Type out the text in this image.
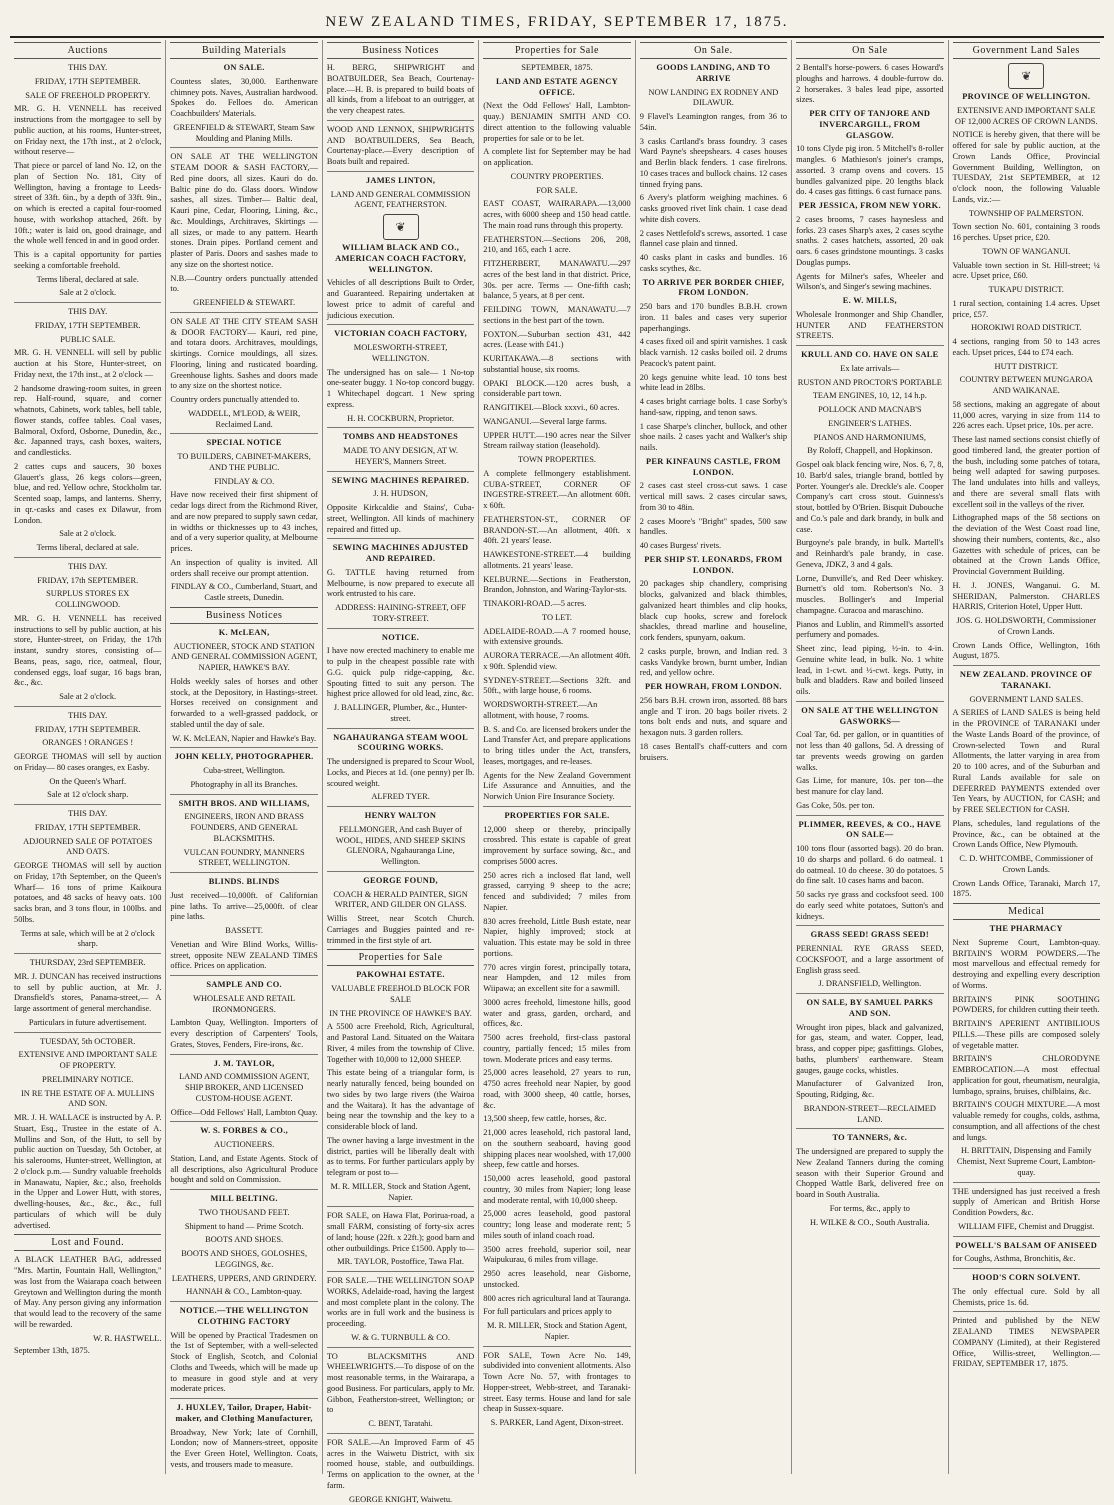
NEW ZEALAND TIMES, FRIDAY, SEPTEMBER 17, 1875.
Auctions

THIS DAY.

FRIDAY, 17TH SEPTEMBER.

SALE OF FREEHOLD PROPERTY.

MR. G. H. VENNELL has received instructions from the mortgagee to sell by public auction, at his rooms, Hunter-street, on Friday next, the 17th inst., at 2 o'clock, without reserve—

That piece or parcel of land No. 12, on the plan of Section No. 181, City of Wellington, having a frontage to Leeds-street of 33ft. 6in., by a depth of 33ft. 9in., on which is erected a capital four-roomed house, with workshop attached, 26ft. by 10ft.; water is laid on, good drainage, and the whole well fenced in and in good order.

This is a capital opportunity for parties seeking a comfortable freehold.

Terms liberal, declared at sale.

Sale at 2 o'clock.

THIS DAY.

FRIDAY, 17TH SEPTEMBER.

PUBLIC SALE.

MR. G. H. VENNELL will sell by public auction at his Store, Hunter-street, on Friday next, the 17th inst., at 2 o'clock —

2 handsome drawing-room suites, in green rep. Half-round, square, and corner whatnots, Cabinets, work tables, bell table, flower stands, coffee tables. Coal vases, Balmoral, Oxford, Osborne, Dunedin, &c., &c. Japanned trays, cash boxes, waiters, and candlesticks.

2 cattes cups and saucers, 30 boxes Glauert's glass, 26 kegs colors—green, blue, and red. Yellow ochre, Stockholm tar. Scented soap, lamps, and lanterns. Sherry, in qr.-casks and cases ex Dilawur, from London.

Sale at 2 o'clock.

Terms liberal, declared at sale.

THIS DAY.

FRIDAY, 17th SEPTEMBER.

SURPLUS STORES EX COLLINGWOOD.

MR. G. H. VENNELL has received instructions to sell by public auction, at his store, Hunter-street, on Friday, the 17th instant, sundry stores, consisting of— Beans, peas, sago, rice, oatmeal, flour, condensed eggs, loaf sugar, 16 bags bran, &c., &c.

Sale at 2 o'clock.

THIS DAY.

FRIDAY, 17TH SEPTEMBER.

ORANGES ! ORANGES !

GEORGE THOMAS will sell by auction on Friday— 80 cases oranges, ex Easby.

On the Queen's Wharf.

Sale at 12 o'clock sharp.

THIS DAY.

FRIDAY, 17TH SEPTEMBER.

ADJOURNED SALE OF POTATOES AND OATS.

GEORGE THOMAS will sell by auction on Friday, 17th September, on the Queen's Wharf— 16 tons of prime Kaikoura potatoes, and 48 sacks of heavy oats. 100 sacks bran, and 3 tons flour, in 100lbs. and 50lbs.

Terms at sale, which will be at 2 o'clock sharp.

THURSDAY, 23rd SEPTEMBER.

MR. J. DUNCAN has received instructions to sell by public auction, at Mr. J. Dransfield's stores, Panama-street,— A large assortment of general merchandise.

Particulars in future advertisement.

TUESDAY, 5th OCTOBER.

EXTENSIVE AND IMPORTANT SALE OF PROPERTY.

PRELIMINARY NOTICE.

IN RE THE ESTATE OF A. MULLINS AND SON.

MR. J. H. WALLACE is instructed by A. P. Stuart, Esq., Trustee in the estate of A. Mullins and Son, of the Hutt, to sell by public auction on Tuesday, 5th October, at his salerooms, Hunter-street, Wellington, at 2 o'clock p.m.— Sundry valuable freeholds in Manawatu, Napier, &c.; also, freeholds in the Upper and Lower Hutt, with stores, dwelling-houses, &c., &c., &c., full particulars of which will be duly advertised.

Lost and Found.

A BLACK LEATHER BAG, addressed "Mrs. Martin, Fountain Hall, Wellington," was lost from the Waiarapa coach between Greytown and Wellington during the month of May. Any person giving any information that would lead to the recovery of the same will be rewarded.

W. R. HASTWELL.

September 13th, 1875.

Building Materials

ON SALE.

Countess slates, 30,000. Earthenware chimney pots. Naves, Australian hardwood. Spokes do. Felloes do. American Coachbuilders' Materials.

GREENFIELD & STEWART, Steam Saw Moulding and Planing Mills.

ON SALE AT THE WELLINGTON STEAM DOOR & SASH FACTORY,— Red pine doors, all sizes. Kauri do do. Baltic pine do do. Glass doors. Window sashes, all sizes. Timber— Baltic deal, Kauri pine, Cedar, Flooring, Lining, &c., &c. Mouldings, Architraves, Skirtings — all sizes, or made to any pattern. Hearth stones. Drain pipes. Portland cement and plaster of Paris. Doors and sashes made to any size on the shortest notice.

N.B.—Country orders punctually attended to.

GREENFIELD & STEWART.

ON SALE AT THE CITY STEAM SASH & DOOR FACTORY— Kauri, red pine, and totara doors. Architraves, mouldings, skirtings. Cornice mouldings, all sizes. Flooring, lining and rusticated boarding. Greenhouse lights. Sashes and doors made to any size on the shortest notice.

Country orders punctually attended to.

WADDELL, M'LEOD, & WEIR, Reclaimed Land.

SPECIAL NOTICE

TO BUILDERS, CABINET-MAKERS, AND THE PUBLIC.

FINDLAY & CO.

Have now received their first shipment of cedar logs direct from the Richmond River, and are now prepared to supply sawn cedar, in widths or thicknesses up to 43 inches, and of a very superior quality, at Melbourne prices.

An inspection of quality is invited. All orders shall receive our prompt attention.

FINDLAY & CO., Cumberland, Stuart, and Castle streets, Dunedin.

Business Notices

K. McLEAN,

AUCTIONEER, STOCK AND STATION AND GENERAL COMMISSION AGENT, NAPIER, HAWKE'S BAY.

Holds weekly sales of horses and other stock, at the Depository, in Hastings-street. Horses received on consignment and forwarded to a well-grassed paddock, or stabled until the day of sale.

W. K. McLEAN, Napier and Hawke's Bay.

JOHN KELLY, PHOTOGRAPHER.

Cuba-street, Wellington.

Photography in all its Branches.

SMITH BROS. AND WILLIAMS,

ENGINEERS, IRON AND BRASS FOUNDERS, AND GENERAL BLACKSMITHS.

VULCAN FOUNDRY, MANNERS STREET, WELLINGTON.

BLINDS. BLINDS

Just received—10,000ft. of Californian pine laths. To arrive—25,000ft. of clear pine laths.

BASSETT.

Venetian and Wire Blind Works, Willis-street, opposite NEW ZEALAND TIMES office. Prices on application.

SAMPLE AND CO.

WHOLESALE AND RETAIL IRONMONGERS.

Lambton Quay, Wellington. Importers of every description of Carpenters' Tools, Grates, Stoves, Fenders, Fire-irons, &c.

J. M. TAYLOR,

LAND AND COMMISSION AGENT, SHIP BROKER, AND LICENSED CUSTOM-HOUSE AGENT.

Office—Odd Fellows' Hall, Lambton Quay.

W. S. FORBES & CO.,

AUCTIONEERS.

Station, Land, and Estate Agents. Stock of all descriptions, also Agricultural Produce bought and sold on Commission.

MILL BELTING.

TWO THOUSAND FEET.

Shipment to hand — Prime Scotch.

BOOTS AND SHOES.

BOOTS AND SHOES, GOLOSHES, LEGGINGS, &c.

LEATHERS, UPPERS, AND GRINDERY.

HANNAH & CO., Lambton-quay.

NOTICE.—THE WELLINGTON CLOTHING FACTORY

Will be opened by Practical Tradesmen on the 1st of September, with a well-selected Stock of English, Scotch, and Colonial Cloths and Tweeds, which will be made up to measure in good style and at very moderate prices.

J. HUXLEY, Tailor, Draper, Habit-maker, and Clothing Manufacturer,

Broadway, New York; late of Cornhill, London; now of Manners-street, opposite the Ever Green Hotel, Wellington. Coats, vests, and trousers made to measure.

Business Notices

H. BERG, SHIPWRIGHT and BOATBUILDER, Sea Beach, Courtenay-place.—H. B. is prepared to build boats of all kinds, from a lifeboat to an outrigger, at the very cheapest rates.

WOOD AND LENNOX, SHIPWRIGHTS AND BOATBUILDERS, Sea Beach, Courtenay-place.—Every description of Boats built and repaired.

JAMES LINTON,

LAND AND GENERAL COMMISSION AGENT, FEATHERSTON.

❦

WILLIAM BLACK AND CO., AMERICAN COACH FACTORY, WELLINGTON.

Vehicles of all descriptions Built to Order, and Guaranteed. Repairing undertaken at lowest price to admit of careful and judicious execution.

VICTORIAN COACH FACTORY,

MOLESWORTH-STREET, WELLINGTON.

The undersigned has on sale— 1 No-top one-seater buggy. 1 No-top concord buggy. 1 Whitechapel dogcart. 1 New spring express.

H. H. COCKBURN, Proprietor.

TOMBS AND HEADSTONES

MADE TO ANY DESIGN, AT W. HEYER'S, Manners Street.

SEWING MACHINES REPAIRED.

J. H. HUDSON,

Opposite Kirkcaldie and Stains', Cuba-street, Wellington. All kinds of machinery repaired and fitted up.

SEWING MACHINES ADJUSTED AND REPAIRED.

G. TATTLE having returned from Melbourne, is now prepared to execute all work entrusted to his care.

ADDRESS: HAINING-STREET, OFF TORY-STREET.

NOTICE.

I have now erected machinery to enable me to pulp in the cheapest possible rate with G.G. quick pulp ridge-capping, &c. Spouting fitted to suit any person. The highest price allowed for old lead, zinc, &c.

J. BALLINGER, Plumber, &c., Hunter-street.

NGAHAURANGA STEAM WOOL SCOURING WORKS.

The undersigned is prepared to Scour Wool, Locks, and Pieces at 1d. (one penny) per lb. scoured weight.

ALFRED TYER.

HENRY WALTON

FELLMONGER, And cash Buyer of WOOL, HIDES, AND SHEEP SKINS GLENORA, Ngahauranga Line, Wellington.

GEORGE FOUND,

COACH & HERALD PAINTER, SIGN WRITER, AND GILDER ON GLASS.

Willis Street, near Scotch Church. Carriages and Buggies painted and re-trimmed in the first style of art.

Properties for Sale

PAKOWHAI ESTATE.

VALUABLE FREEHOLD BLOCK FOR SALE

IN THE PROVINCE OF HAWKE'S BAY.

A 5500 acre Freehold, Rich, Agricultural, and Pastoral Land. Situated on the Waitara River, 4 miles from the township of Clive. Together with 10,000 to 12,000 SHEEP.

This estate being of a triangular form, is nearly naturally fenced, being bounded on two sides by two large rivers (the Wairoa and the Waitara). It has the advantage of being near the township and the key to a considerable block of land.

The owner having a large investment in the district, parties will be liberally dealt with as to terms. For further particulars apply by telegram or post to—

M. R. MILLER, Stock and Station Agent, Napier.

FOR SALE, on Hawa Flat, Porirua-road, a small FARM, consisting of forty-six acres of land; house (22ft. x 22ft.); good barn and other outbuildings. Price £1500. Apply to—

MR. TAYLOR, Postoffice, Tawa Flat.

FOR SALE.—THE WELLINGTON SOAP WORKS, Adelaide-road, having the largest and most complete plant in the colony. The works are in full work and the business is proceeding.

W. & G. TURNBULL & CO.

TO BLACKSMITHS AND WHEELWRIGHTS.—To dispose of on the most reasonable terms, in the Wairarapa, a good Business. For particulars, apply to Mr. Gibbon, Featherston-street, Wellington; or to

C. BENT, Taratahi.

FOR SALE.—An Improved Farm of 45 acres in the Waiwetu District, with six roomed house, stable, and outbuildings. Terms on application to the owner, at the farm.

GEORGE KNIGHT, Waiwetu.

Properties for Sale

SEPTEMBER, 1875.

LAND AND ESTATE AGENCY OFFICE.

(Next the Odd Fellows' Hall, Lambton-quay.) BENJAMIN SMITH AND CO. direct attention to the following valuable properties for sale or to be let.

A complete list for September may be had on application.

COUNTRY PROPERTIES.

FOR SALE.

EAST COAST, WAIRARAPA.—13,000 acres, with 6000 sheep and 150 head cattle. The main road runs through this property.

FEATHERSTON.—Sections 206, 208, 210, and 165, each 1 acre.

FITZHERBERT, MANAWATU.—297 acres of the best land in that district. Price, 30s. per acre. Terms — One-fifth cash; balance, 5 years, at 8 per cent.

FEILDING TOWN, MANAWATU.—7 sections in the best part of the town.

FOXTON.—Suburban section 431, 442 acres. (Lease with £41.)

KURITAKAWA.—8 sections with substantial house, six rooms.

OPAKI BLOCK.—120 acres bush, a considerable part town.

RANGITIKEI.—Block xxxvi., 60 acres.

WANGANUI.—Several large farms.

UPPER HUTT.—190 acres near the Silver Stream railway station (leasehold).

TOWN PROPERTIES.

A complete fellmongery establishment. CUBA-STREET, CORNER OF INGESTRE-STREET.—An allotment 60ft. x 60ft.

FEATHERSTON-ST., CORNER OF BRANDON-ST.—An allotment, 40ft. x 40ft. 21 years' lease.

HAWKESTONE-STREET.—4 building allotments. 21 years' lease.

KELBURNE.—Sections in Featherston, Brandon, Johnston, and Waring-Taylor-sts.

TINAKORI-ROAD.—5 acres.

TO LET.

ADELAIDE-ROAD.—A 7 roomed house, with extensive grounds.

AURORA TERRACE.—An allotment 40ft. x 90ft. Splendid view.

SYDNEY-STREET.—Sections 32ft. and 50ft., with large house, 6 rooms.

WORDSWORTH-STREET.—An allotment, with house, 7 rooms.

B. S. and Co. are licensed brokers under the Land Transfer Act, and prepare applications to bring titles under the Act, transfers, leases, mortgages, and re-leases.

Agents for the New Zealand Government Life Assurance and Annuities, and the Norwich Union Fire Insurance Society.

PROPERTIES FOR SALE.

12,000 sheep or thereby, principally crossbred. This estate is capable of great improvement by surface sowing, &c., and comprises 5000 acres.

250 acres rich a inclosed flat land, well grassed, carrying 9 sheep to the acre; fenced and subdivided; 7 miles from Napier.

830 acres freehold, Little Bush estate, near Napier, highly improved; stock at valuation. This estate may be sold in three portions.

770 acres virgin forest, principally totara, near Hampden, and 12 miles from Wiipawa; an excellent site for a sawmill.

3000 acres freehold, limestone hills, good water and grass, garden, orchard, and offices, &c.

7500 acres freehold, first-class pastoral country, partially fenced; 15 miles from town. Moderate prices and easy terms.

25,000 acres leasehold, 27 years to run, 4750 acres freehold near Napier, by good road, with 3000 sheep, 40 cattle, horses, &c.

13,500 sheep, few cattle, horses, &c.

21,000 acres leasehold, rich pastoral land, on the southern seaboard, having good shipping places near woolshed, with 17,000 sheep, few cattle and horses.

150,000 acres leasehold, good pastoral country, 30 miles from Napier; long lease and moderate rental, with 10,000 sheep.

25,000 acres leasehold, good pastoral country; long lease and moderate rent; 5 miles south of inland coach road.

3500 acres freehold, superior soil, near Waipukurau, 6 miles from village.

2950 acres leasehold, near Gisborne, unstocked.

800 acres rich agricultural land at Tauranga.

For full particulars and prices apply to

M. R. MILLER, Stock and Station Agent, Napier.

FOR SALE, Town Acre No. 149, subdivided into convenient allotments. Also Town Acre No. 57, with frontages to Hopper-street, Webb-street, and Taranaki-street. Easy terms. House and land for sale cheap in Sussex-square.

S. PARKER, Land Agent, Dixon-street.

On Sale.

GOODS LANDING, AND TO ARRIVE

NOW LANDING EX RODNEY AND DILAWUR.

9 Flavel's Leamington ranges, from 36 to 54in.

3 casks Cartland's brass foundry. 3 cases Ward Payne's sheepshears. 4 cases houses and Berlin black fenders. 1 case firelrons. 10 cases traces and bullock chains. 12 cases tinned frying pans.

6 Avery's platform weighing machines. 6 casks grooved rivet link chain. 1 case dead white dish covers.

2 cases Nettlefold's screws, assorted. 1 case flannel case plain and tinned.

40 casks plant in casks and bundles. 16 casks scythes, &c.

TO ARRIVE PER BORDER CHIEF, FROM LONDON.

250 bars and 170 bundles B.B.H. crown iron. 11 bales and cases very superior paperhangings.

4 cases fixed oil and spirit varnishes. 1 cask black varnish. 12 casks boiled oil. 2 drums Peacock's patent paint.

20 kegs genuine white lead. 10 tons best white lead in 28lbs.

4 cases bright carriage bolts. 1 case Sorby's hand-saw, ripping, and tenon saws.

1 case Sharpe's clincher, bullock, and other shoe nails. 2 cases yacht and Walker's ship nails.

PER KINFAUNS CASTLE, FROM LONDON.

2 cases cast steel cross-cut saws. 1 case vertical mill saws. 2 cases circular saws, from 30 to 48in.

2 cases Moore's "Bright" spades, 500 saw handles.

40 cases Burgess' rivets.

PER SHIP ST. LEONARDS, FROM LONDON.

20 packages ship chandlery, comprising blocks, galvanized and black thimbles, galvanized heart thimbles and clip hooks, black cup hooks, screw and forelock shackles, thread marline and houseline, cork fenders, spunyarn, oakum.

2 casks purple, brown, and Indian red. 3 casks Vandyke brown, burnt umber, Indian red, and yellow ochre.

PER HOWRAH, FROM LONDON.

256 bars B.H. crown iron, assorted. 88 bars angle and T iron. 20 bags boiler rivets. 2 tons bolt ends and nuts, and square and hexagon nuts. 3 garden rollers.

18 cases Bentall's chaff-cutters and corn bruisers.

On Sale

2 Bentall's horse-powers. 6 cases Howard's ploughs and harrows. 4 double-furrow do. 2 horserakes. 3 bales lead pipe, assorted sizes.

PER CITY OF TANJORE AND INVERCARGILL, FROM GLASGOW.

10 tons Clyde pig iron. 5 Mitchell's 8-roller mangles. 6 Mathieson's joiner's cramps, assorted. 3 cramp ovens and covers. 15 bundles galvanized pipe. 20 lengths black do. 4 cases gas fittings. 6 cast furnace pans.

PER JESSICA, FROM NEW YORK.

2 cases brooms, 7 cases haynesless and forks. 23 cases Sharp's axes, 2 cases scythe snaths. 2 cases hatchets, assorted, 20 oak oars. 6 cases grindstone mountings. 3 casks Douglas pumps.

Agents for Milner's safes, Wheeler and Wilson's, and Singer's sewing machines.

E. W. MILLS,

Wholesale Ironmonger and Ship Chandler, HUNTER AND FEATHERSTON STREETS.

KRULL AND CO. HAVE ON SALE

Ex late arrivals—

RUSTON AND PROCTOR'S PORTABLE

TEAM ENGINES, 10, 12, 14 h.p.

POLLOCK AND MACNAB'S

ENGINEER'S LATHES.

PIANOS AND HARMONIUMS,

By Roloff, Chappell, and Hopkinson.

Gospel oak black fencing wire, Nos. 6, 7, 8, 10. Barb'd sales, triangle brand, bottled by Porter. Younger's ale. Dreckle's ale. Cooper Company's cart cross stout. Guinness's stout, bottled by O'Brien. Bisquit Dubouche and Co.'s pale and dark brandy, in bulk and case.

Burgoyne's pale brandy, in bulk. Martell's and Reinhardt's pale brandy, in case. Geneva, JDKZ, 3 and 4 gals.

Lorne, Dunville's, and Red Deer whiskey. Burnett's old tom. Robertson's No. 3 muscles. Bollinger's and Imperial champagne. Curacoa and maraschino.

Pianos and Lublin, and Rimmell's assorted perfumery and pomades.

Sheet zinc, lead piping, ½-in. to 4-in. Genuine white lead, in bulk. No. 1 white lead, in 1-cwt. and ½-cwt. kegs. Putty, in bulk and bladders. Raw and boiled linseed oils.

ON SALE AT THE WELLINGTON GASWORKS—

Coal Tar, 6d. per gallon, or in quantities of not less than 40 gallons, 5d. A dressing of tar prevents weeds growing on garden walks.

Gas Lime, for manure, 10s. per ton—the best manure for clay land.

Gas Coke, 50s. per ton.

PLIMMER, REEVES, & CO., HAVE ON SALE—

100 tons flour (assorted bags). 20 do bran. 10 do sharps and pollard. 6 do oatmeal. 1 do oatmeal. 10 do cheese. 30 do potatoes. 5 do fine salt. 10 cases hams and bacon.

50 sacks rye grass and cocksfoot seed. 100 do early seed white potatoes, Sutton's and kidneys.

GRASS SEED! GRASS SEED!

PERENNIAL RYE GRASS SEED, COCKSFOOT, and a large assortment of English grass seed.

J. DRANSFIELD, Wellington.

ON SALE, BY SAMUEL PARKS AND SON.

Wrought iron pipes, black and galvanized, for gas, steam, and water. Copper, lead, brass, and copper pipe; gasfittings. Globes, baths, plumbers' earthenware. Steam gauges, gauge cocks, whistles.

Manufacturer of Galvanized Iron, Spouting, Ridging, &c.

BRANDON-STREET—RECLAIMED LAND.

TO TANNERS, &c.

The undersigned are prepared to supply the New Zealand Tanners during the coming season with their Superior Ground and Chopped Wattle Bark, delivered free on board in South Australia.

For terms, &c., apply to

H. WILKE & CO., South Australia.

Government Land Sales
❦

PROVINCE OF WELLINGTON.

EXTENSIVE AND IMPORTANT SALE OF 12,000 ACRES OF CROWN LANDS.

NOTICE is hereby given, that there will be offered for sale by public auction, at the Crown Lands Office, Provincial Government Building, Wellington, on TUESDAY, 21st SEPTEMBER, at 12 o'clock noon, the following Valuable Lands, viz.:—

TOWNSHIP OF PALMERSTON.

Town section No. 601, containing 3 roods 16 perches. Upset price, £20.

TOWN OF WANGANUI.

Valuable town section in St. Hill-street; ¼ acre. Upset price, £60.

TUKAPU DISTRICT.

1 rural section, containing 1.4 acres. Upset price, £57.

HOROKIWI ROAD DISTRICT.

4 sections, ranging from 50 to 143 acres each. Upset prices, £44 to £74 each.

HUTT DISTRICT.

COUNTRY BETWEEN MUNGAROA AND WAIKANAE.

58 sections, making an aggregate of about 11,000 acres, varying in size from 114 to 226 acres each. Upset price, 10s. per acre.

These last named sections consist chiefly of good timbered land, the greater portion of the bush, including some patches of totara, being well adapted for sawing purposes. The land undulates into hills and valleys, and there are several small flats with excellent soil in the valleys of the river.

Lithographed maps of the 58 sections on the deviation of the West Coast road line, showing their numbers, contents, &c., also Gazettes with schedule of prices, can be obtained at the Crown Lands Office, Provincial Government Building.

H. J. JONES, Wanganui. G. M. SHERIDAN, Palmerston. CHARLES HARRIS, Criterion Hotel, Upper Hutt.

JOS. G. HOLDSWORTH, Commissioner of Crown Lands.

Crown Lands Office, Wellington, 16th August, 1875.

NEW ZEALAND. PROVINCE OF TARANAKI.

GOVERNMENT LAND SALES.

A SERIES of LAND SALES is being held in the PROVINCE of TARANAKI under the Waste Lands Board of the province, of Crown-selected Town and Rural Allotments, the latter varying in area from 20 to 100 acres, and of the Suburban and Rural Lands available for sale on DEFERRED PAYMENTS extended over Ten Years, by AUCTION, for CASH; and by FREE SELECTION for CASH.

Plans, schedules, land regulations of the Province, &c., can be obtained at the Crown Lands Office, New Plymouth.

C. D. WHITCOMBE, Commissioner of Crown Lands.

Crown Lands Office, Taranaki, March 17, 1875.

Medical

THE PHARMACY

Next Supreme Court, Lambton-quay. BRITAIN'S WORM POWDERS.—The most marvellous and effectual remedy for destroying and expelling every description of Worms.

BRITAIN'S PINK SOOTHING POWDERS, for children cutting their teeth.

BRITAIN'S APERIENT ANTIBILIOUS PILLS.—These pills are composed solely of vegetable matter.

BRITAIN'S CHLORODYNE EMBROCATION.—A most effectual application for gout, rheumatism, neuralgia, lumbago, sprains, bruises, chilblains, &c.

BRITAIN'S COUGH MIXTURE.—A most valuable remedy for coughs, colds, asthma, consumption, and all affections of the chest and lungs.

H. BRITTAIN, Dispensing and Family Chemist, Next Supreme Court, Lambton-quay.

THE undersigned has just received a fresh supply of American and British Horse Condition Powders, &c.

WILLIAM FIFE, Chemist and Druggist.

POWELL'S BALSAM OF ANISEED

for Coughs, Asthma, Bronchitis, &c.

HOOD'S CORN SOLVENT.

The only effectual cure. Sold by all Chemists, price 1s. 6d.

Printed and published by the NEW ZEALAND TIMES NEWSPAPER COMPANY (Limited), at their Registered Office, Willis-street, Wellington.—FRIDAY, SEPTEMBER 17, 1875.
